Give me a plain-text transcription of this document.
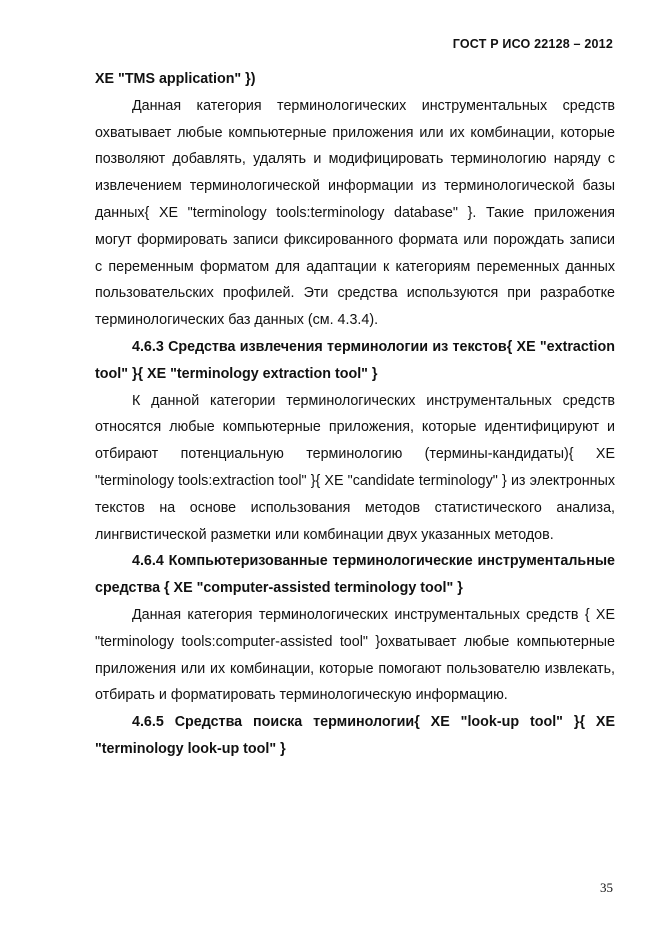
ГОСТ Р ИСО 22128 – 2012

XE "TMS application" })

Данная категория терминологических инструментальных средств охватывает любые компьютерные приложения или их комбинации, которые позволяют добавлять, удалять и модифицировать терминологию наряду с извлечением терминологической информации из терминологической базы данных{ XE "terminology tools:terminology database" }. Такие приложения могут формировать записи фиксированного формата или порождать записи с переменным форматом для адаптации к категориям переменных данных пользовательских профилей. Эти средства используются при разработке терминологических баз данных (см. 4.3.4).

4.6.3 Средства извлечения терминологии из текстов{ XE "extraction tool" }{ XE "terminology extraction tool" }

К данной категории терминологических инструментальных средств относятся любые компьютерные приложения, которые идентифицируют и отбирают потенциальную терминологию (термины-кандидаты){ XE "terminology tools:extraction tool" }{ XE "candidate terminology" } из электронных текстов на основе использования методов статистического анализа, лингвистической разметки или комбинации двух указанных методов.

4.6.4 Компьютеризованные терминологические инструментальные средства { XE "computer-assisted terminology tool" }

Данная категория терминологических инструментальных средств { XE "terminology tools:computer-assisted tool" }охватывает любые компьютерные приложения или их комбинации, которые помогают пользователю извлекать, отбирать и форматировать терминологическую информацию.

4.6.5 Средства поиска терминологии{ XE "look-up tool" }{ XE "terminology look-up tool" }

35
